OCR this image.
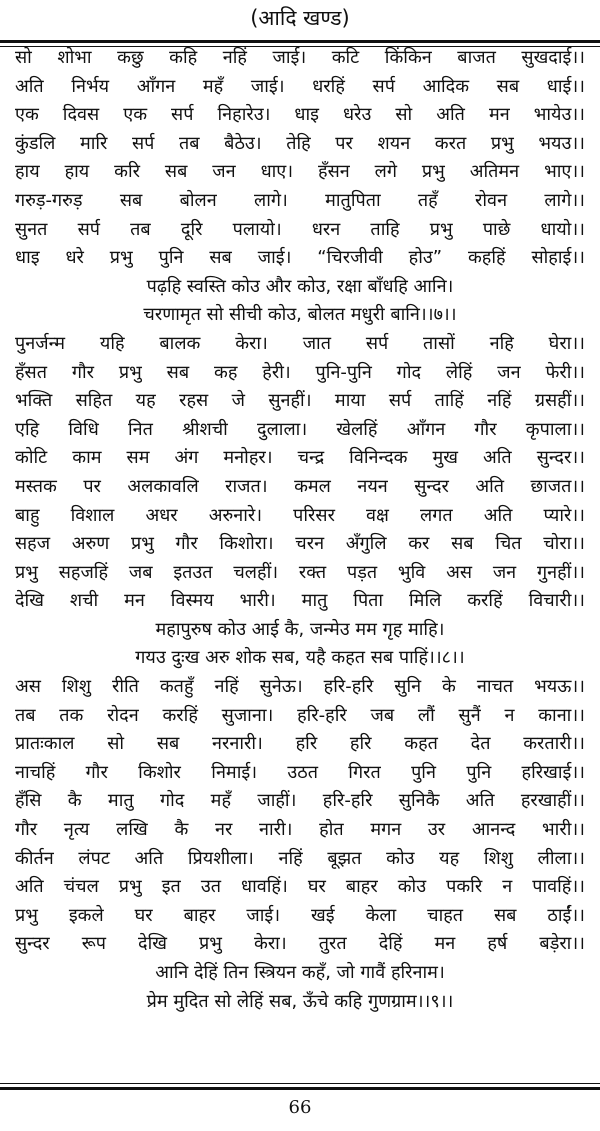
(आदि खण्ड)
सो शोभा कछु कहि नहिं जाई। कटि किंकिन बाजत सुखदाई।।
अति निर्भय आँगन महँ जाई। धरहिं सर्प आदिक सब धाई।।
एक दिवस एक सर्प निहारेउ। धाइ धरेउ सो अति मन भायेउ।।
कुंडलि मारि सर्प तब बैठेउ। तेहि पर शयन करत प्रभु भयउ।।
हाय हाय करि सब जन धाए। हँसन लगे प्रभु अतिमन भाए।।
गरुड़-गरुड़ सब बोलन लागे। मातुपिता तहँ रोवन लागे।।
सुनत सर्प तब दूरि पलायो। धरन ताहि प्रभु पाछे धायो।।
धाइ धरे प्रभु पुनि सब जाई। “चिरजीवी होउ” कहहिं सोहाई।।
पढ़हि स्वस्ति कोउ और कोउ, रक्षा बाँधहि आनि।
चरणामृत सो सीची कोउ, बोलत मधुरी बानि।।७।।
पुनर्जन्म यहि बालक केरा। जात सर्प तासों नहि घेरा।।
हँसत गौर प्रभु सब कह हेरी। पुनि-पुनि गोद लेहिं जन फेरी।।
भक्ति सहित यह रहस जे सुनहीं। माया सर्प ताहिं नहिं ग्रसहीं।।
एहि विधि नित श्रीशची दुलाला। खेलहिं आँगन गौर कृपाला।।
कोटि काम सम अंग मनोहर। चन्द्र विनिन्दक मुख अति सुन्दर।।
मस्तक पर अलकावलि राजत। कमल नयन सुन्दर अति छाजत।।
बाहु विशाल अधर अरुनारे। परिसर वक्ष लगत अति प्यारे।।
सहज अरुण प्रभु गौर किशोरा। चरन अँगुलि कर सब चित चोरा।।
प्रभु सहजहिं जब इतउत चलहीं। रक्त पड़त भुवि अस जन गुनहीं।।
देखि शची मन विस्मय भारी। मातु पिता मिलि करहिं विचारी।।
महापुरुष कोउ आई कै, जन्मेउ मम गृह माहि।
गयउ दुःख अरु शोक सब, यहै कहत सब पाहिं।।८।।
अस शिशु रीति कतहुँ नहिं सुनेऊ। हरि-हरि सुनि के नाचत भयऊ।।
तब तक रोदन करहिं सुजाना। हरि-हरि जब लौं सुनैं न काना।।
प्रातःकाल सो सब नरनारी। हरि हरि कहत देत करतारी।।
नाचहिं गौर किशोर निमाई। उठत गिरत पुनि पुनि हरिखाई।।
हँसि कै मातु गोद महँ जाहीं। हरि-हरि सुनिकै अति हरखाहीं।।
गौर नृत्य लखि कै नर नारी। होत मगन उर आनन्द भारी।।
कीर्तन लंपट अति प्रियशीला। नहिं बूझत कोउ यह शिशु लीला।।
अति चंचल प्रभु इत उत धावहिं। घर बाहर कोउ पकरि न पावहिं।।
प्रभु इकले घर बाहर जाई। खई केला चाहत सब ठाईं।।
सुन्दर रूप देखि प्रभु केरा। तुरत देहिं मन हर्ष बड़ेरा।।
आनि देहिं तिन स्त्रियन कहँ, जो गावैं हरिनाम।
प्रेम मुदित सो लेहिं सब, ऊँचे कहि गुणग्राम।।९।।
66
